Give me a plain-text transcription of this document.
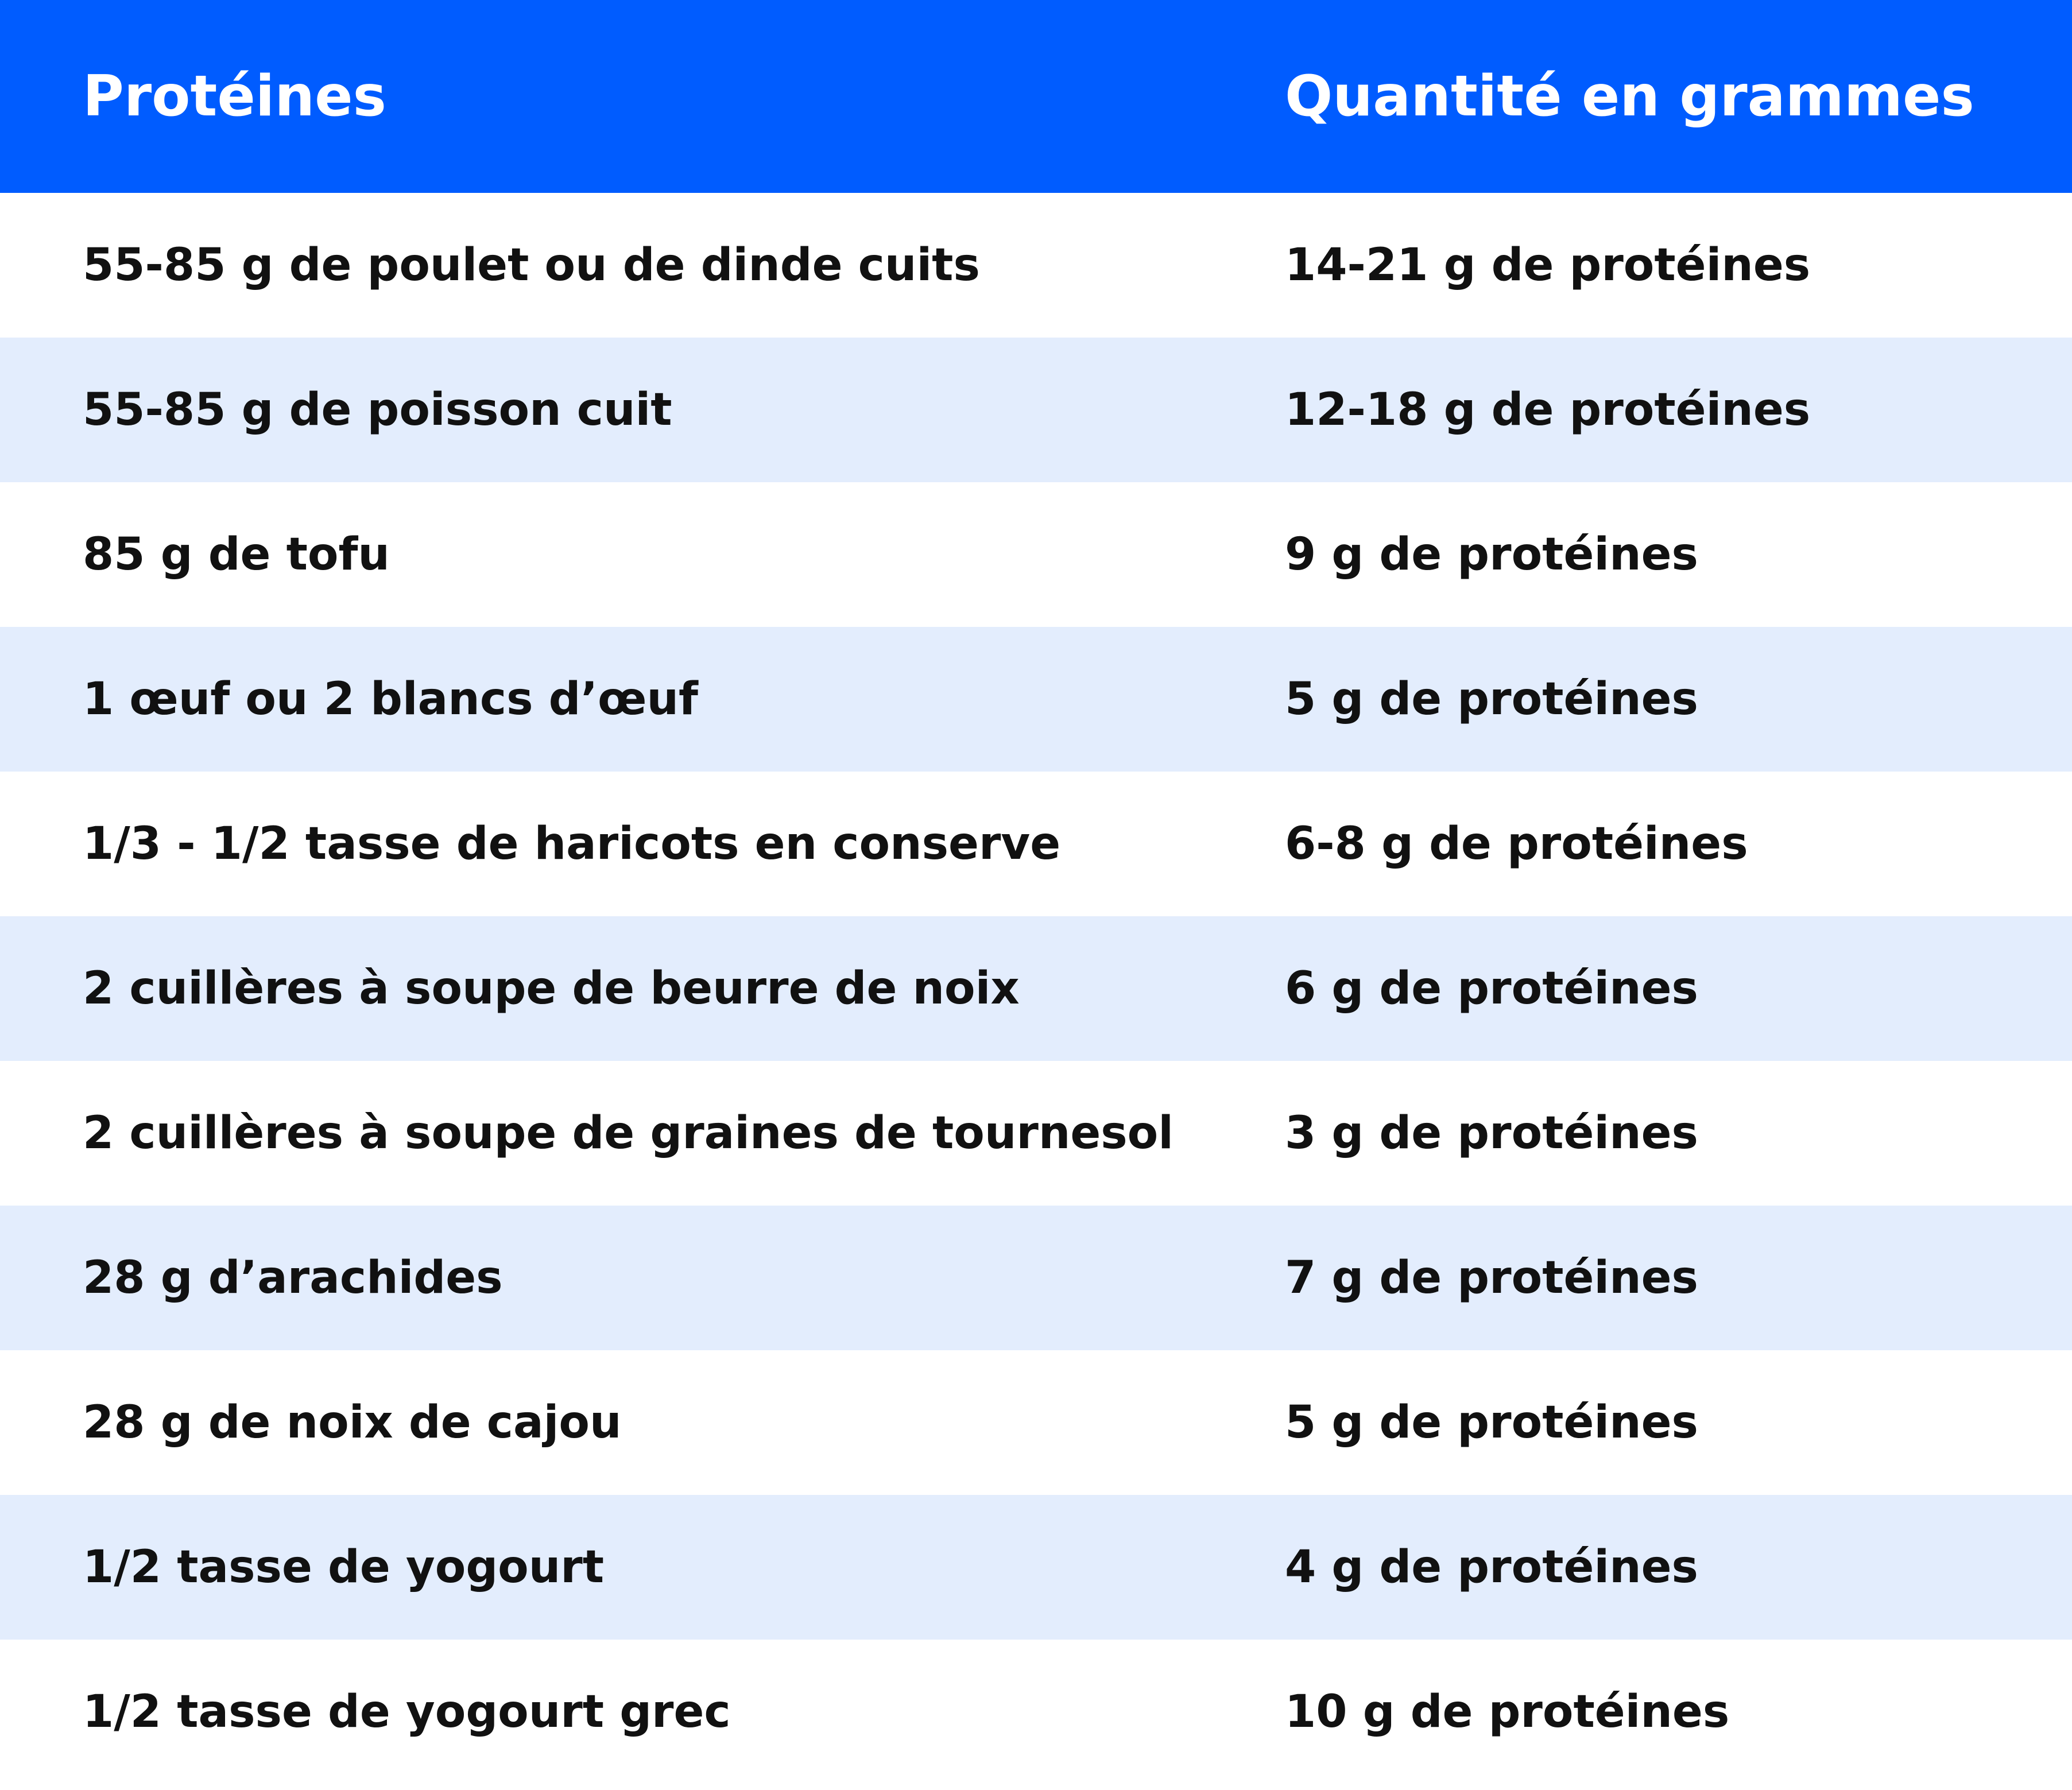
Protéines	Quantité en grammes
55-85 g de poulet ou de dinde cuits	14-21 g de protéines
55-85 g de poisson cuit	12-18 g de protéines
85 g de tofu	9 g de protéines
1 œuf ou 2 blancs d’œuf	5 g de protéines
1/3 - 1/2 tasse de haricots en conserve	6-8 g de protéines
2 cuillères à soupe de beurre de noix	6 g de protéines
2 cuillères à soupe de graines de tournesol	3 g de protéines
28 g d’arachides	7 g de protéines
28 g de noix de cajou	5 g de protéines
1/2 tasse de yogourt	4 g de protéines
1/2 tasse de yogourt grec	10 g de protéines
